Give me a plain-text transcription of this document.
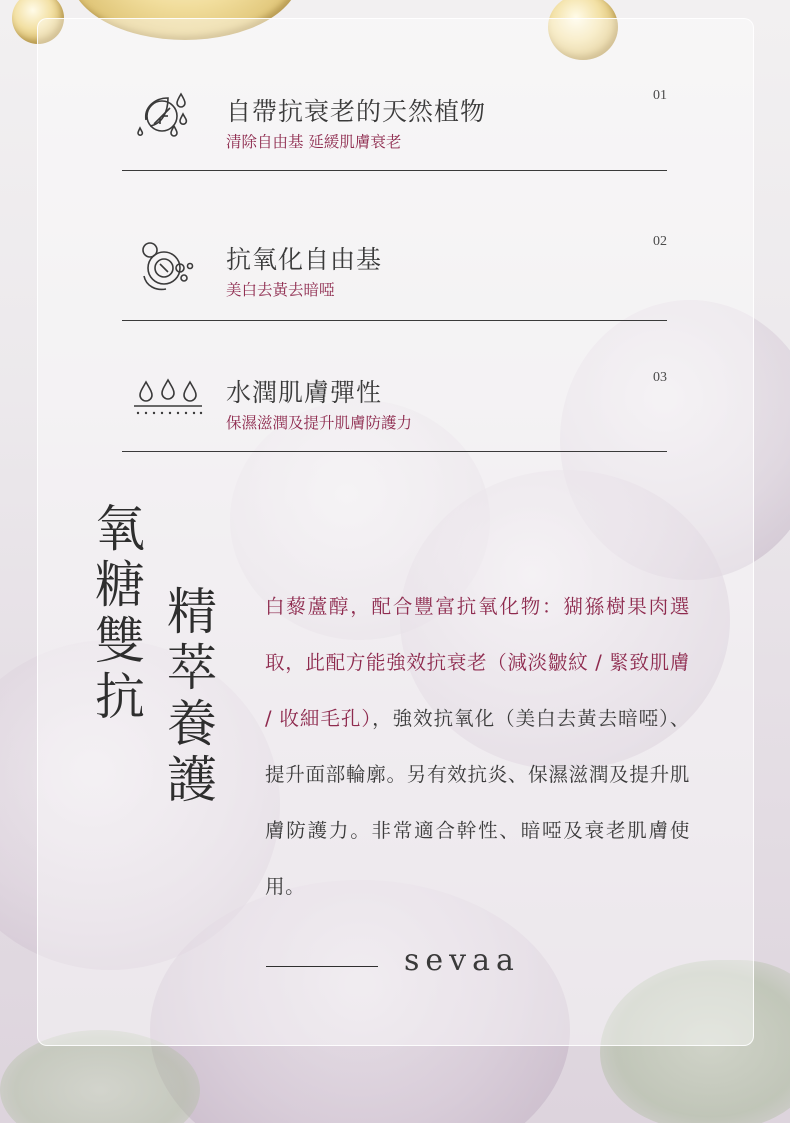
自帶抗衰老的天然植物
清除自由基 延緩肌膚衰老
01
抗氧化自由基
美白去黃去暗啞
02
水潤肌膚彈性
保濕滋潤及提升肌膚防護力
03
氧糖雙抗 精萃養護	白藜蘆醇，配合豐富抗氧化物：猢猻樹果肉選取，此配方能強效抗衰老（減淡皺紋 / 緊致肌膚 / 收細毛孔），強效抗氧化（美白去黃去暗啞）、提升面部輪廓。另有效抗炎、保濕滋潤及提升肌膚防護力。非常適合幹性、暗啞及衰老肌膚使用。
sevaa
